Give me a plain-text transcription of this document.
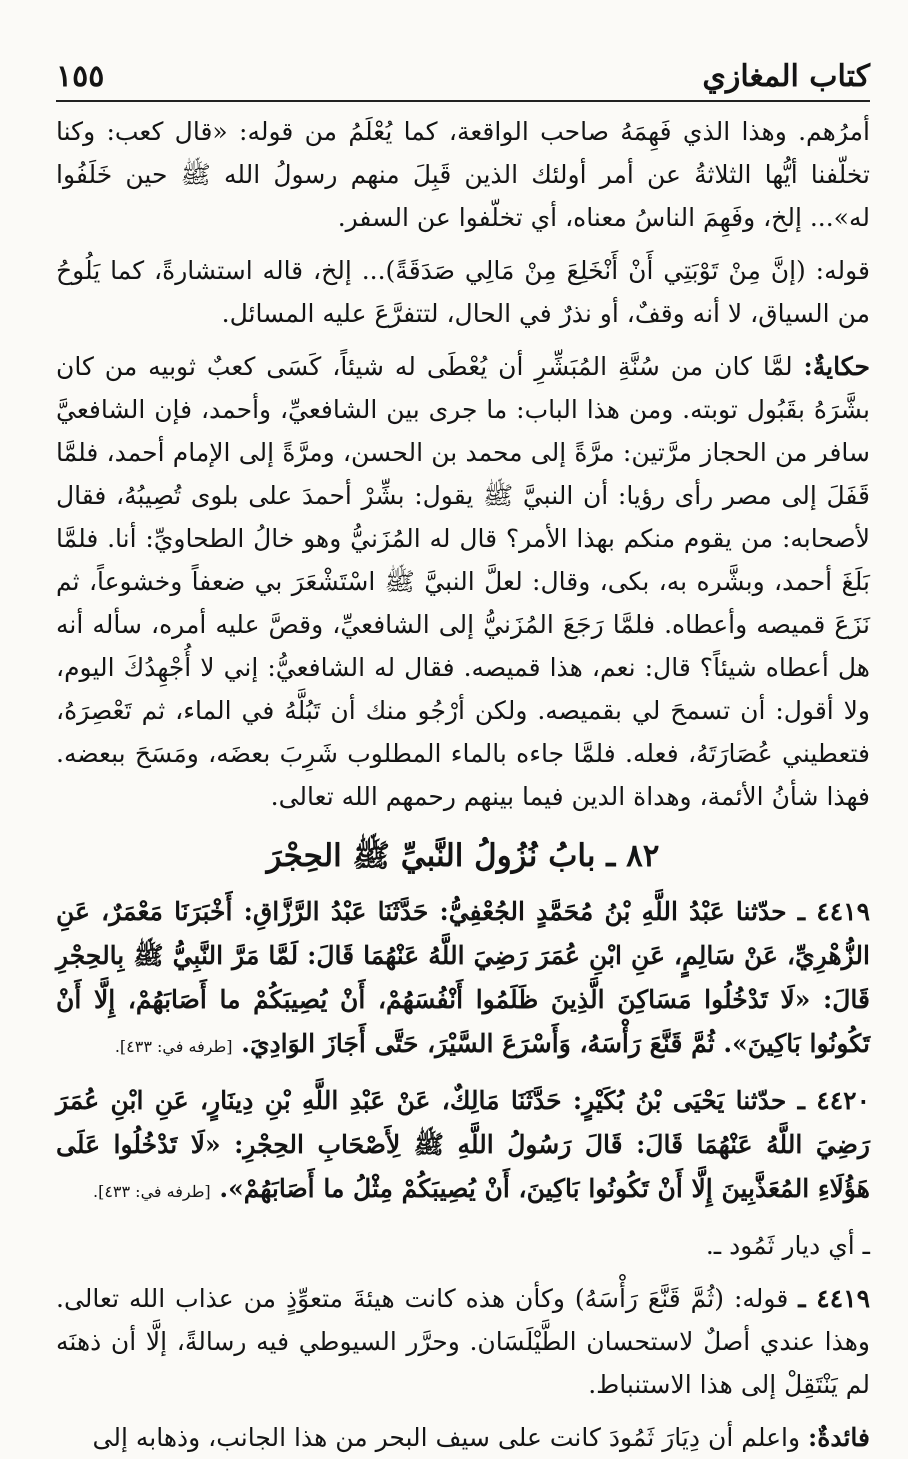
كتاب المغازي
١٥٥

أمرُهم. وهذا الذي فَهِمَهُ صاحب الواقعة، كما يُعْلَمُ من قوله: «قال كعب: وكنا تخلّفنا أيُّها الثلاثةُ عن أمر أولئك الذين قَبِلَ منهم رسولُ الله ﷺ حين خَلَفُوا له»... إلخ، وفَهِمَ الناسُ معناه، أي تخلّفوا عن السفر.

قوله: (إنَّ مِنْ تَوْبَتِي أَنْ أَنْخَلِعَ مِنْ مَالِي صَدَقَةً)... إلخ، قاله استشارةً، كما يَلُوحُ من السياق، لا أنه وقفٌ، أو نذرٌ في الحال، لتتفرَّعَ عليه المسائل.

حكايةٌ: لمَّا كان من سُنَّةِ المُبَشِّرِ أن يُعْطَى له شيئاً، كَسَى كعبٌ ثوبيه من كان بشَّرَهُ بقَبُول توبته. ومن هذا الباب: ما جرى بين الشافعيِّ، وأحمد، فإن الشافعيَّ سافر من الحجاز مرَّتين: مرَّةً إلى محمد بن الحسن، ومرَّةً إلى الإمام أحمد، فلمَّا قَفَلَ إلى مصر رأى رؤيا: أن النبيَّ ﷺ يقول: بشِّرْ أحمدَ على بلوى تُصِيبُهُ، فقال لأصحابه: من يقوم منكم بهذا الأمر؟ قال له المُزَنيُّ وهو خالُ الطحاويِّ: أنا. فلمَّا بَلَغَ أحمد، وبشَّره به، بكى، وقال: لعلَّ النبيَّ ﷺ اسْتَشْعَرَ بي ضعفاً وخشوعاً، ثم نَزَعَ قميصه وأعطاه. فلمَّا رَجَعَ المُزَنيُّ إلى الشافعيِّ، وقصَّ عليه أمره، سأله أنه هل أعطاه شيئاً؟ قال: نعم، هذا قميصه. فقال له الشافعيُّ: إني لا أُجْهِدُكَ اليوم، ولا أقول: أن تسمحَ لي بقميصه. ولكن أرْجُو منك أن تَبُلَّهُ في الماء، ثم تَعْصِرَهُ، فتعطيني عُصَارَتَهُ، فعله. فلمَّا جاءه بالماء المطلوب شَرِبَ بعضَه، ومَسَحَ ببعضه. فهذا شأنُ الأئمة، وهداة الدين فيما بينهم رحمهم الله تعالى.

٨٢ ـ بابُ نُزُولُ النَّبيِّ ﷺ الحِجْرَ

٤٤١٩ ـ حدّثنا عَبْدُ اللَّهِ بْنُ مُحَمَّدٍ الجُعْفِيُّ: حَدَّثَنَا عَبْدُ الرَّزَّاقِ: أَخْبَرَنَا مَعْمَرٌ، عَنِ الزُّهْرِيِّ، عَنْ سَالِمٍ، عَنِ ابْنِ عُمَرَ رَضِيَ اللَّهُ عَنْهُمَا قَالَ: لَمَّا مَرَّ النَّبِيُّ ﷺ بِالحِجْرِ قَالَ: «لَا تَدْخُلُوا مَسَاكِنَ الَّذِينَ ظَلَمُوا أَنْفُسَهُمْ، أَنْ يُصِيبَكُمْ ما أَصَابَهُمْ، إِلَّا أَنْ تَكُونُوا بَاكِينَ». ثُمَّ قَنَّعَ رَأْسَهُ، وَأَسْرَعَ السَّيْرَ، حَتَّى أَجَازَ الوَادِيَ. [طرفه في: ٤٣٣].

٤٤٢٠ ـ حدّثنا يَحْيَى بْنُ بُكَيْرٍ: حَدَّثَنَا مَالِكٌ، عَنْ عَبْدِ اللَّهِ بْنِ دِينَارٍ، عَنِ ابْنِ عُمَرَ رَضِيَ اللَّهُ عَنْهُمَا قَالَ: قَالَ رَسُولُ اللَّهِ ﷺ لِأَصْحَابِ الحِجْرِ: «لَا تَدْخُلُوا عَلَى هَؤُلَاءِ المُعَذَّبِينَ إِلَّا أَنْ تَكُونُوا بَاكِينَ، أَنْ يُصِيبَكُمْ مِثْلُ ما أَصَابَهُمْ». [طرفه في: ٤٣٣].

ـ أي ديار ثَمُود ـ.

٤٤١٩ ـ قوله: (ثُمَّ قَنَّعَ رَأْسَهُ) وكأن هذه كانت هيئةَ متعوِّذٍ من عذاب الله تعالى. وهذا عندي أصلٌ لاستحسان الطَّيْلَسَان. وحرَّر السيوطي فيه رسالةً، إلَّا أن ذهنَه لم يَنْتَقِلْ إلى هذا الاستنباط.

فائدةٌ: واعلم أن دِيَارَ ثَمُودَ كانت على سيف البحر من هذا الجانب، وذهابه إلى
